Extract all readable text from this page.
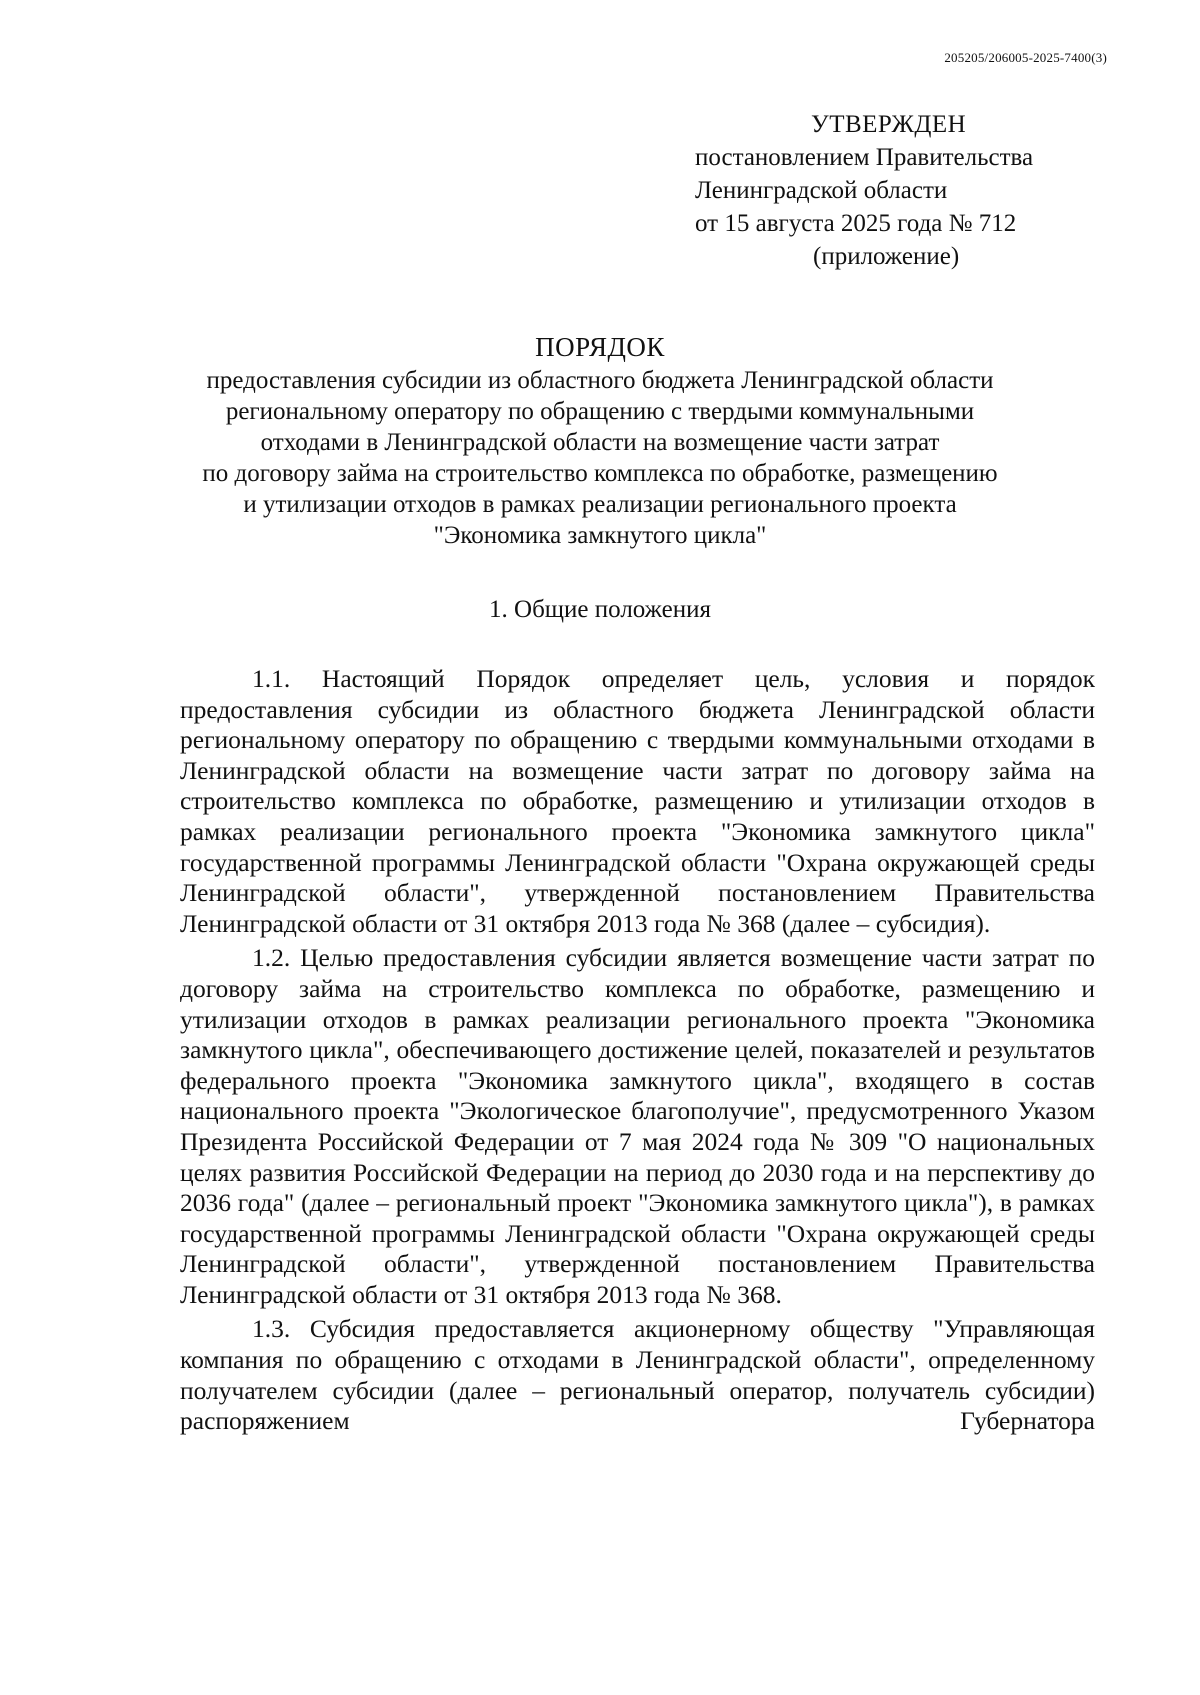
205205/206005-2025-7400(3)
УТВЕРЖДЕН
постановлением Правительства
Ленинградской области
от 15 августа 2025 года № 712
(приложение)
ПОРЯДОК
предоставления субсидии из областного бюджета Ленинградской области
региональному оператору по обращению с твердыми коммунальными
отходами в Ленинградской области на возмещение части затрат
по договору займа на строительство комплекса по обработке, размещению
и утилизации отходов в рамках реализации регионального проекта
"Экономика замкнутого цикла"
1. Общие положения

1.1. Настоящий Порядок определяет цель, условия и порядок предоставления субсидии из областного бюджета Ленинградской области региональному оператору по обращению с твердыми коммунальными отходами в Ленинградской области на возмещение части затрат по договору займа на строительство комплекса по обработке, размещению и утилизации отходов в рамках реализации регионального проекта "Экономика замкнутого цикла" государственной программы Ленинградской области "Охрана окружающей среды Ленинградской области", утвержденной постановлением Правительства Ленинградской области от 31 октября 2013 года № 368 (далее – субсидия).

1.2. Целью предоставления субсидии является возмещение части затрат по договору займа на строительство комплекса по обработке, размещению и утилизации отходов в рамках реализации регионального проекта "Экономика замкнутого цикла", обеспечивающего достижение целей, показателей и результатов федерального проекта "Экономика замкнутого цикла", входящего в состав национального проекта "Экологическое благополучие", предусмотренного Указом Президента Российской Федерации от 7 мая 2024 года № 309 "О национальных целях развития Российской Федерации на период до 2030 года и на перспективу до 2036 года" (далее – региональный проект "Экономика замкнутого цикла"), в рамках государственной программы Ленинградской области "Охрана окружающей среды Ленинградской области", утвержденной постановлением Правительства Ленинградской области от 31 октября 2013 года № 368.

1.3. Субсидия предоставляется акционерному обществу "Управляющая компания по обращению с отходами в Ленинградской области", определенному получателем субсидии (далее – региональный оператор, получатель субсидии) распоряжением Губернатора
